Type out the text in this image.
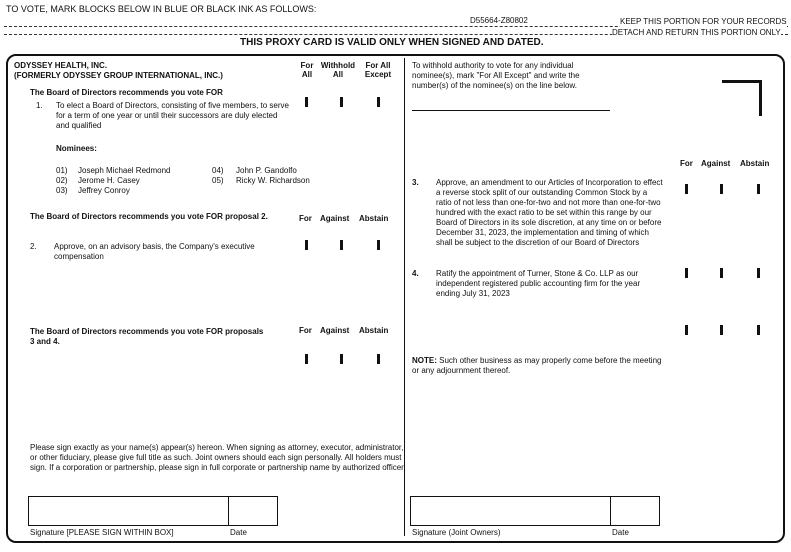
TO VOTE, MARK BLOCKS BELOW IN BLUE OR BLACK INK AS FOLLOWS:
D55664-Z80802	KEEP THIS PORTION FOR YOUR RECORDS
DETACH AND RETURN THIS PORTION ONLY
THIS PROXY CARD IS VALID ONLY WHEN SIGNED AND DATED.
ODYSSEY HEALTH, INC.
(FORMERLY ODYSSEY GROUP INTERNATIONAL, INC.)
For
All
Withhold
All
For All
Except
The Board of Directors recommends you vote FOR
1. To elect a Board of Directors, consisting of five members, to serve for a term of one year or until their successors are duly elected and qualified
Nominees:
01) Joseph Michael Redmond
02) Jerome H. Casey
03) Jeffrey Conroy
04) John P. Gandolfo
05) Ricky W. Richardson
To withhold authority to vote for any individual nominee(s), mark "For All Except" and write the number(s) of the nominee(s) on the line below.
The Board of Directors recommends you vote FOR proposal 2.	For Against Abstain
2. Approve, on an advisory basis, the Company's executive compensation
The Board of Directors recommends you vote FOR proposals 3 and 4.
For Against Abstain
For Against Abstain
3. Approve, an amendment to our Articles of Incorporation to effect a reverse stock split of our outstanding Common Stock by a ratio of not less than one-for-two and not more than one-for-two hundred with the exact ratio to be set within this range by our Board of Directors in its sole discretion, at any time on or before December 31, 2023, the implementation and timing of which shall be subject to the discretion of our Board of Directors
4. Ratify the appointment of Turner, Stone & Co. LLP as our independent registered public accounting firm for the year ending July 31, 2023
NOTE: Such other business as may properly come before the meeting or any adjournment thereof.
Please sign exactly as your name(s) appear(s) hereon. When signing as attorney, executor, administrator, or other fiduciary, please give full title as such. Joint owners should each sign personally. All holders must sign. If a corporation or partnership, please sign in full corporate or partnership name by authorized officer.
Signature [PLEASE SIGN WITHIN BOX]	Date	Signature (Joint Owners)	Date
